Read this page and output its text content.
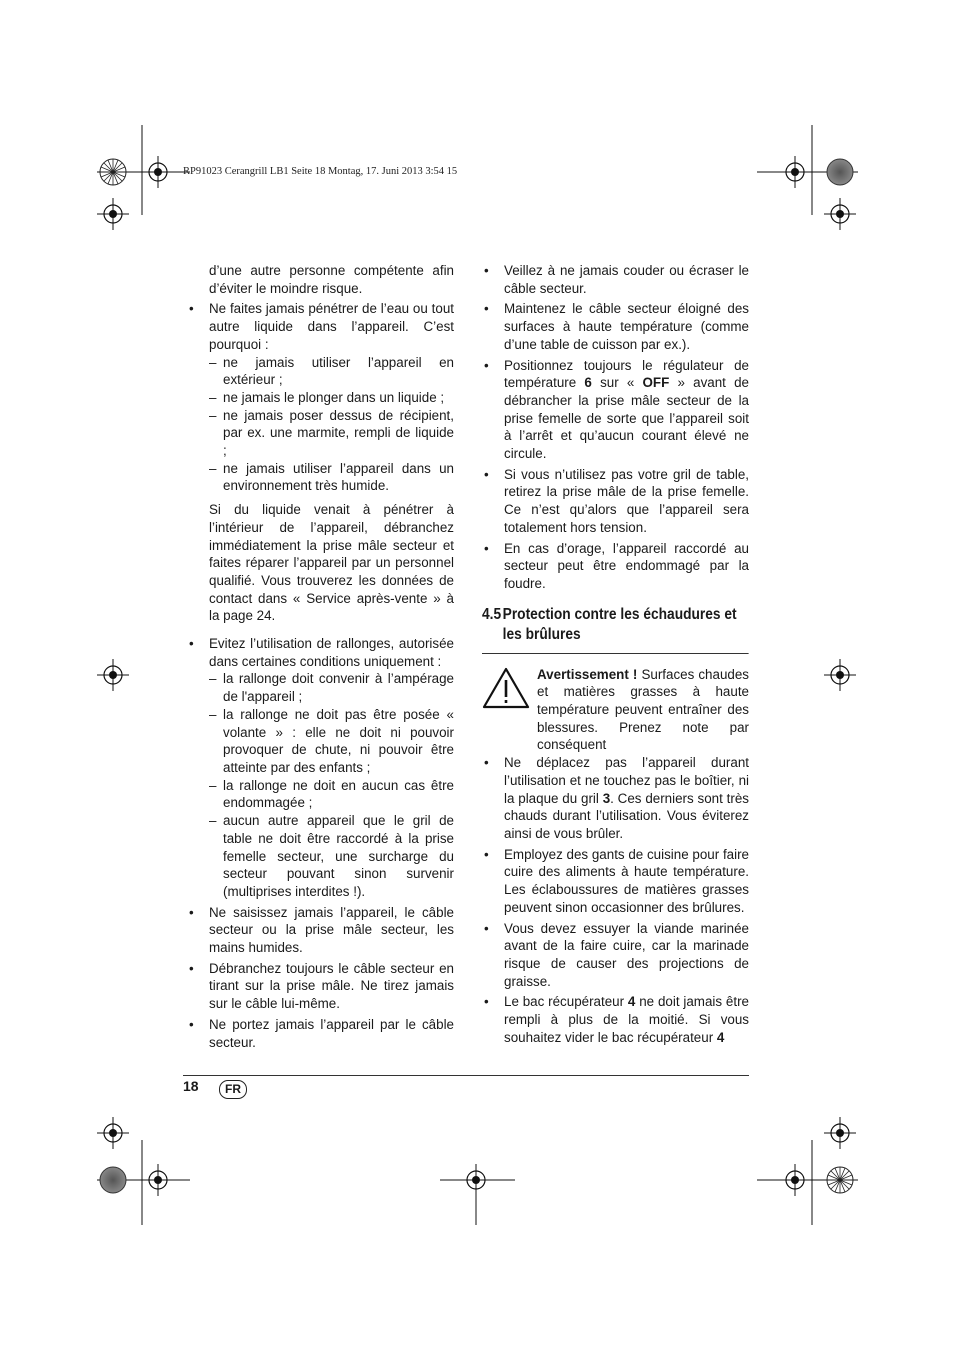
RP91023 Cerangrill LB1 Seite 18 Montag, 17. Juni 2013 3:54 15
d’une autre personne compétente afin d’éviter le moindre risque.
• Ne faites jamais pénétrer de l’eau ou tout autre liquide dans l’appareil. C’est pourquoi :
– ne jamais utiliser l’appareil en extérieur ;
– ne jamais le plonger dans un liquide ;
– ne jamais poser dessus de récipient, par ex. une marmite, rempli de liquide ;
– ne jamais utiliser l’appareil dans un environnement très humide.
Si du liquide venait à pénétrer à l’intérieur de l’appareil, débranchez immédiatement la prise mâle secteur et faites réparer l’appareil par un personnel qualifié. Vous trouverez les données de contact dans « Service après-vente » à la page 24.
• Evitez l’utilisation de rallonges, autorisée dans certaines conditions uniquement :
– la rallonge doit convenir à l’ampérage de l'appareil ;
– la rallonge ne doit pas être posée « volante » : elle ne doit ni pouvoir provoquer de chute, ni pouvoir être atteinte par des enfants ;
– la rallonge ne doit en aucun cas être endommagée ;
– aucun autre appareil que le gril de table ne doit être raccordé à la prise femelle secteur, une surcharge du secteur pouvant sinon survenir (multiprises interdites !).
• Ne saisissez jamais l’appareil, le câble secteur ou la prise mâle secteur, les mains humides.
• Débranchez toujours le câble secteur en tirant sur la prise mâle. Ne tirez jamais sur le câble lui-même.
• Ne portez jamais l’appareil par le câble secteur.
• Veillez à ne jamais couder ou écraser le câble secteur.
• Maintenez le câble secteur éloigné des surfaces à haute température (comme d’une table de cuisson par ex.).
• Positionnez toujours le régulateur de température 6 sur « OFF » avant de débrancher la prise mâle secteur de la prise femelle de sorte que l’appareil soit à l’arrêt et qu’aucun courant élevé ne circule.
• Si vous n’utilisez pas votre gril de table, retirez la prise mâle de la prise femelle. Ce n’est qu’alors que l’appareil sera totalement hors tension.
• En cas d’orage, l’appareil raccordé au secteur peut être endommagé par la foudre.
4.5Protection contre les échaudures et
les brûlures
Avertissement ! Surfaces chaudes et matières grasses à haute température peuvent entraîner des blessures. Prenez note par conséquent
• Ne déplacez pas l’appareil durant l’utilisation et ne touchez pas le boîtier, ni la plaque du gril 3. Ces derniers sont très chauds durant l’utilisation. Vous éviterez ainsi de vous brûler.
• Employez des gants de cuisine pour faire cuire des aliments à haute température. Les éclaboussures de matières grasses peuvent sinon occasionner des brûlures.
• Vous devez essuyer la viande marinée avant de la faire cuire, car la marinade risque de causer des projections de graisse.
• Le bac récupérateur 4 ne doit jamais être rempli à plus de la moitié. Si vous souhaitez vider le bac récupérateur 4
18	FR
